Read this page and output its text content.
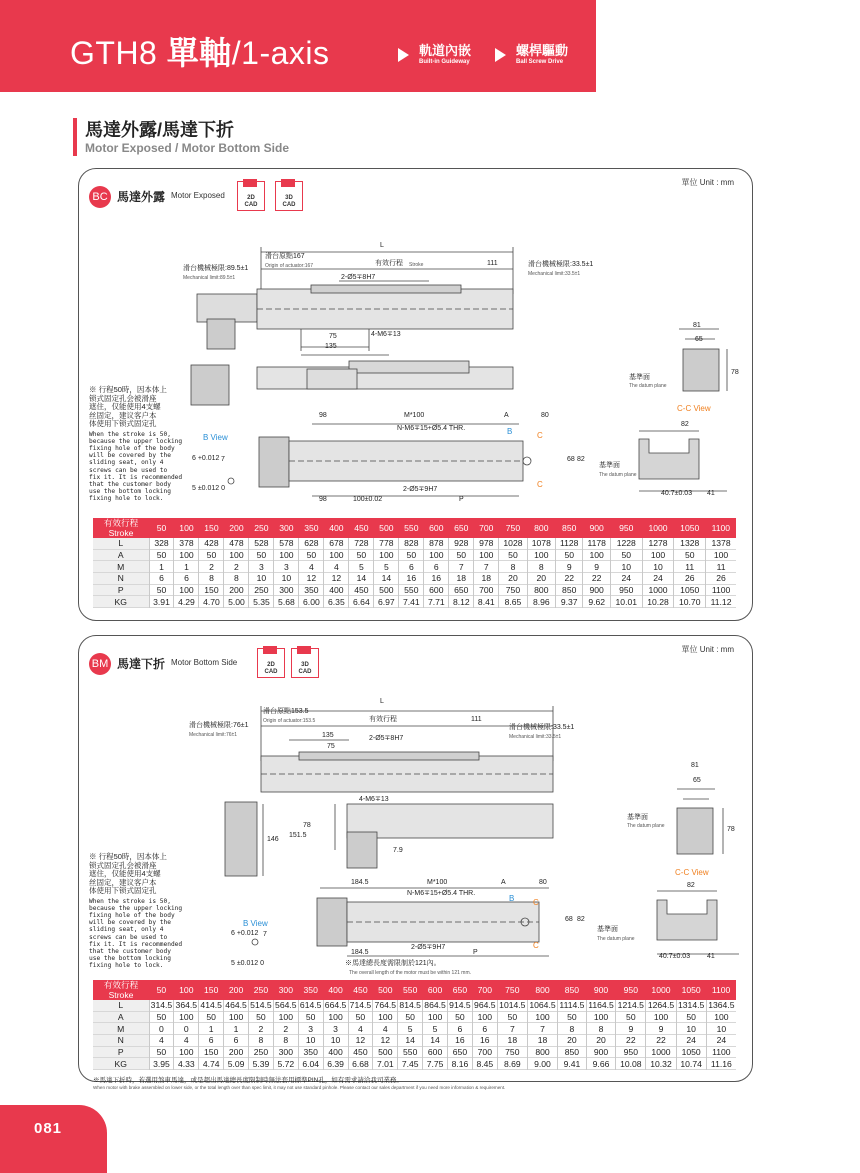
GTH8 單軸/1-axis	軌道內嵌
Built-in Guideway
螺桿驅動
Ball Screw Drive
馬達外露/馬達下折
Motor Exposed / Motor Bottom Side
單位 Unit : mm
BC 馬達外露 Motor Exposed	2D
CAD
3D
CAD
L
滑台原點167
Origin of actuator:167	有效行程 Stroke	111
滑台機械極限:89.5±1
Mechanical limit:89.5±1
滑台機械極限:33.5±1
Mechanical limit:33.5±1
2-Ø5∓8H7
75
135
4-M6∓13
81
65
78
基準面
The datum plane
98	M*100	A	80
N-M6∓15+Ø5.4 THR.	B	C
B View
C-C View
82
68 82
基準面
The datum plane
7
6 +0.012
5 ±0.012 0	C
2-Ø5∓9H7
98	100±0.02	P
40.7±0.03 41
※ 行程50時，因本体上
锁式固定孔会被滑座
遮住，仅能使用4支螺
丝固定，建议客户本
体使用下锁式固定孔
When the stroke is 50,
because the upper locking
fixing hole of the body
will be covered by the
sliding seat, only 4
screws can be used to
fix it. It is recommended
that the customer body
use the bottom locking
fixing hole to lock.
有效行程
Stroke	50	100	150	200	250	300	350	400	450	500	550	600	650	700	750	800	850	900	950	1000	1050	1100
L	328	378	428	478	528	578	628	678	728	778	828	878	928	978	1028	1078	1128	1178	1228	1278	1328	1378
A	50	100	50	100	50	100	50	100	50	100	50	100	50	100	50	100	50	100	50	100	50	100
M	1	1	2	2	3	3	4	4	5	5	6	6	7	7	8	8	9	9	10	10	11	11
N	6	6	8	8	10	10	12	12	14	14	16	16	18	18	20	20	22	22	24	24	26	26
P	50	100	150	200	250	300	350	400	450	500	550	600	650	700	750	800	850	900	950	1000	1050	1100
KG	3.91	4.29	4.70	5.00	5.35	5.68	6.00	6.35	6.64	6.97	7.41	7.71	8.12	8.41	8.65	8.96	9.37	9.62	10.01	10.28	10.70	11.12
單位 Unit : mm
BM 馬達下折 Motor Bottom Side	2D
CAD
3D
CAD
L
滑台原點153.5
Origin of actuator:153.5	有效行程	111
滑台機械極限:76±1
Mechanical limit:76±1
滑台機械極限:33.5±1
Mechanical limit:33.5±1
135	2-Ø5∓8H7
75
4-M6∓13
81
65
78
基準面
The datum plane
146
151.5
78
7.9
184.5	M*100	A	80
N-M6∓15+Ø5.4 THR.
B C
C-C View
82
68 82
基準面
The datum plane
B View
7
6 +0.012
5 ±0.012 0
C
184.5
2-Ø5∓9H7
P
※馬達總長度需限制於121內。
The overall length of the motor must be within 121 mm.
40.7±0.03 41
※ 行程50時，因本体上
锁式固定孔会被滑座
遮住，仅能使用4支螺
丝固定，建议客户本
体使用下锁式固定孔
When the stroke is 50,
because the upper locking
fixing hole of the body
will be covered by the
sliding seat, only 4
screws can be used to
fix it. It is recommended
that the customer body
use the bottom locking
fixing hole to lock.
有效行程
Stroke	50	100	150	200	250	300	350	400	450	500	550	600	650	700	750	800	850	900	950	1000	1050	1100
L	314.5	364.5	414.5	464.5	514.5	564.5	614.5	664.5	714.5	764.5	814.5	864.5	914.5	964.5	1014.5	1064.5	1114.5	1164.5	1214.5	1264.5	1314.5	1364.5
A	50	100	50	100	50	100	50	100	50	100	50	100	50	100	50	100	50	100	50	100	50	100
M	0	0	1	1	2	2	3	3	4	4	5	5	6	6	7	7	8	8	9	9	10	10
N	4	4	6	6	8	8	10	10	12	12	14	14	16	16	18	18	20	20	22	22	24	24
P	50	100	150	200	250	300	350	400	450	500	550	600	650	700	750	800	850	900	950	1000	1050	1100
KG	3.95	4.33	4.74	5.09	5.39	5.72	6.04	6.39	6.68	7.01	7.45	7.75	8.16	8.45	8.69	9.00	9.41	9.66	10.08	10.32	10.74	11.16
※馬達下折時，若選用煞車馬達，或是超出馬達總長度限制時無法套用標準PIN孔，如有需求請洽我司業務。
When motor with brake assembled on lower side, or the total length over than spec limit, it may not use standard pinhole. Please contact our sales department if you need more information & requirement.
081
